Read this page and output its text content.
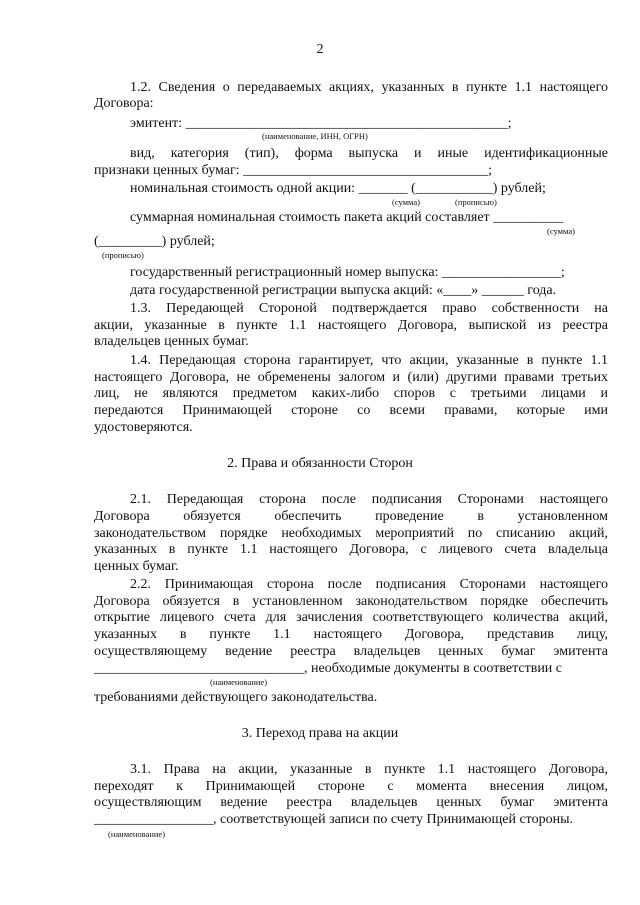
2
1.2. Сведения о передаваемых акциях, указанных в пункте 1.1 настоящего
Договора:
эмитент: ______________________________________________;
(наименование, ИНН, ОГРН)
вид, категория (тип), форма выпуска и иные идентификационные
признаки ценных бумаг: ___________________________________;
номинальная стоимость одной акции: _______ (___________) рублей;
(сумма)	(прописью)
суммарная номинальная стоимость пакета акций составляет __________
(сумма)
(_________) рублей;
(прописью)
государственный регистрационный номер выпуска: _________________;
дата государственной регистрации выпуска акций: «____» ______ года.
1.3. Передающей Стороной подтверждается право собственности на
акции, указанные в пункте 1.1 настоящего Договора, выпиской из реестра
владельцев ценных бумаг.
1.4. Передающая сторона гарантирует, что акции, указанные в пункте 1.1
настоящего Договора, не обременены залогом и (или) другими правами третьих
лиц, не являются предметом каких-либо споров с третьими лицами и
передаются Принимающей стороне со всеми правами, которые ими
удостоверяются.
2. Права и обязанности Сторон
2.1. Передающая сторона после подписания Сторонами настоящего
Договора обязуется обеспечить проведение в установленном
законодательством порядке необходимых мероприятий по списанию акций,
указанных в пункте 1.1 настоящего Договора, с лицевого счета владельца
ценных бумаг.
2.2. Принимающая сторона после подписания Сторонами настоящего
Договора обязуется в установленном законодательством порядке обеспечить
открытие лицевого счета для зачисления соответствующего количества акций,
указанных в пункте 1.1 настоящего Договора, представив лицу,
осуществляющему ведение реестра владельцев ценных бумаг эмитента
______________________________, необходимые документы в соответствии с
(наименование)
требованиями действующего законодательства.
3. Переход права на акции
3.1. Права на акции, указанные в пункте 1.1 настоящего Договора,
переходят к Принимающей стороне с момента внесения лицом,
осуществляющим ведение реестра владельцев ценных бумаг эмитента
_________________, соответствующей записи по счету Принимающей стороны.
(наименование)
